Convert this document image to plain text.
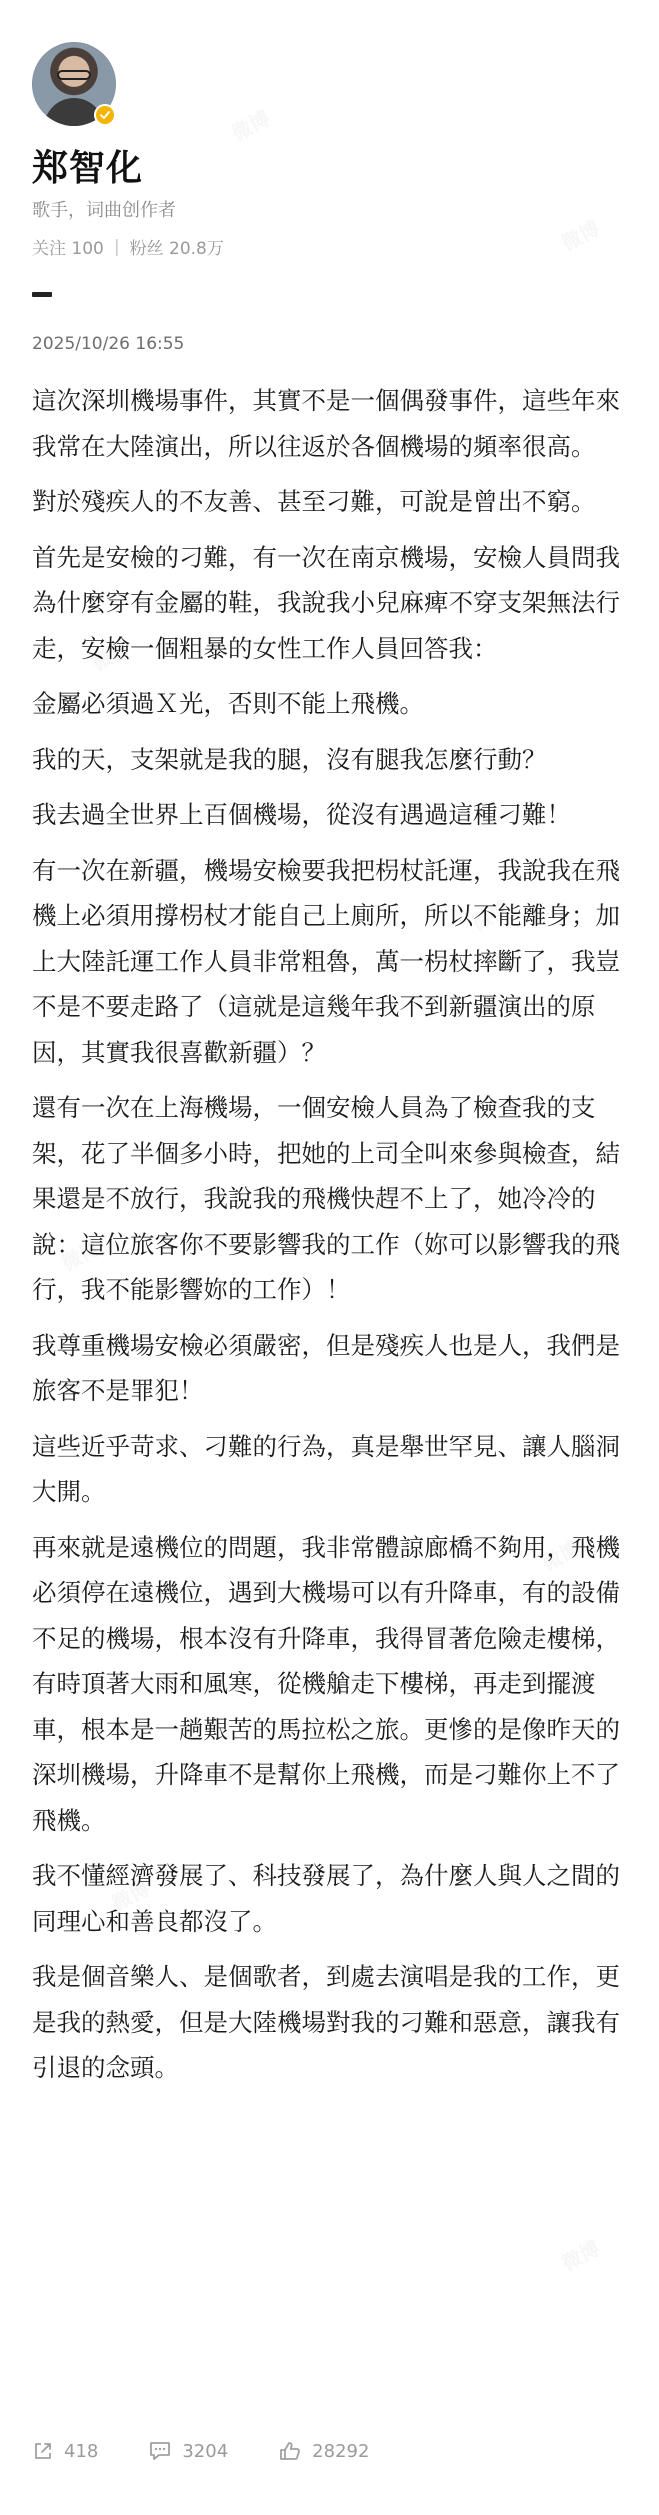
郑智化
歌手，词曲创作者
关注 100 | 粉丝 20.8万
2025/10/26 16:55

這次深圳機場事件，其實不是一個偶發事件，這些年來我常在大陸演出，所以往返於各個機場的頻率很高。

對於殘疾人的不友善、甚至刁難，可說是曾出不窮。

首先是安檢的刁難，有一次在南京機場，安檢人員問我為什麼穿有金屬的鞋，我說我小兒麻痺不穿支架無法行走，安檢一個粗暴的女性工作人員回答我：

金屬必須過Ｘ光，否則不能上飛機。

我的天，支架就是我的腿，沒有腿我怎麼行動？

我去過全世界上百個機場，從沒有遇過這種刁難！

有一次在新疆，機場安檢要我把枴杖託運，我說我在飛機上必須用撐枴杖才能自己上廁所，所以不能離身；加上大陸託運工作人員非常粗魯，萬一枴杖摔斷了，我豈不是不要走路了（這就是這幾年我不到新疆演出的原因，其實我很喜歡新疆）？

還有一次在上海機場，一個安檢人員為了檢查我的支架，花了半個多小時，把她的上司全叫來參與檢查，結果還是不放行，我說我的飛機快趕不上了，她冷冷的說：這位旅客你不要影響我的工作（妳可以影響我的飛行，我不能影響妳的工作）！

我尊重機場安檢必須嚴密，但是殘疾人也是人，我們是旅客不是罪犯！

這些近乎苛求、刁難的行為，真是舉世罕見、讓人腦洞大開。

再來就是遠機位的問題，我非常體諒廊橋不夠用，飛機必須停在遠機位，遇到大機場可以有升降車，有的設備不足的機場，根本沒有升降車，我得冒著危險走樓梯，有時頂著大雨和風寒，從機艙走下樓梯，再走到擺渡車，根本是一趟艱苦的馬拉松之旅。更慘的是像昨天的深圳機場，升降車不是幫你上飛機，而是刁難你上不了飛機。

我不懂經濟發展了、科技發展了，為什麼人與人之間的同理心和善良都沒了。

我是個音樂人、是個歌者，到處去演唱是我的工作，更是我的熱愛，但是大陸機場對我的刁難和惡意，讓我有引退的念頭。

418	3204	28292
